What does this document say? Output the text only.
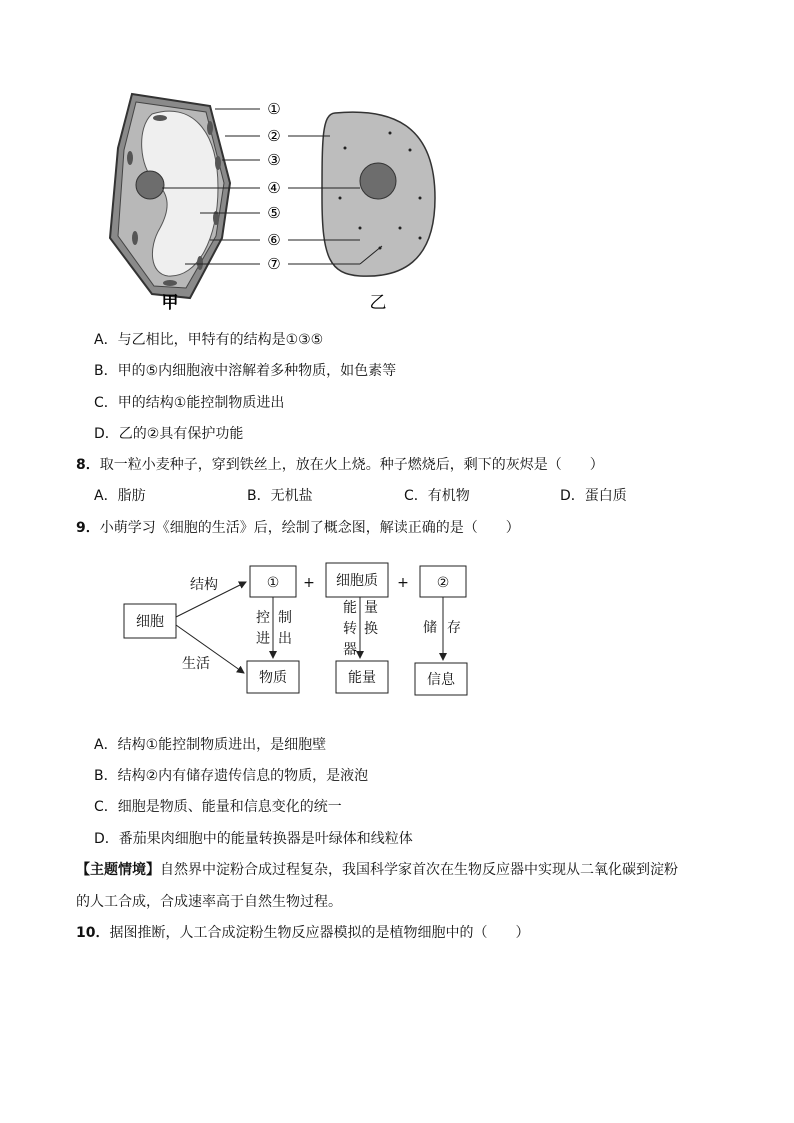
①
②
③
④
⑤
⑥
⑦
甲	乙
A．与乙相比，甲特有的结构是①③⑤
B．甲的⑤内细胞液中溶解着多种物质，如色素等
C．甲的结构①能控制物质进出
D．乙的②具有保护功能
8．取一粒小麦种子，穿到铁丝上，放在火上烧。种子燃烧后，剩下的灰烬是（　　）
A．脂肪	B．无机盐	C．有机物	D．蛋白质
9．小萌学习《细胞的生活》后，绘制了概念图，解读正确的是（　　）
细胞
结构
生活
① + 细胞质 + ②
控
进
制
出
能 量
转 换
器
储 存
物质	能量	信息
A．结构①能控制物质进出，是细胞壁
B．结构②内有储存遗传信息的物质，是液泡
C．细胞是物质、能量和信息变化的统一
D．番茄果肉细胞中的能量转换器是叶绿体和线粒体
【主题情境】自然界中淀粉合成过程复杂，我国科学家首次在生物反应器中实现从二氧化碳到淀粉
的人工合成，合成速率高于自然生物过程。
10．据图推断，人工合成淀粉生物反应器模拟的是植物细胞中的（　　）
